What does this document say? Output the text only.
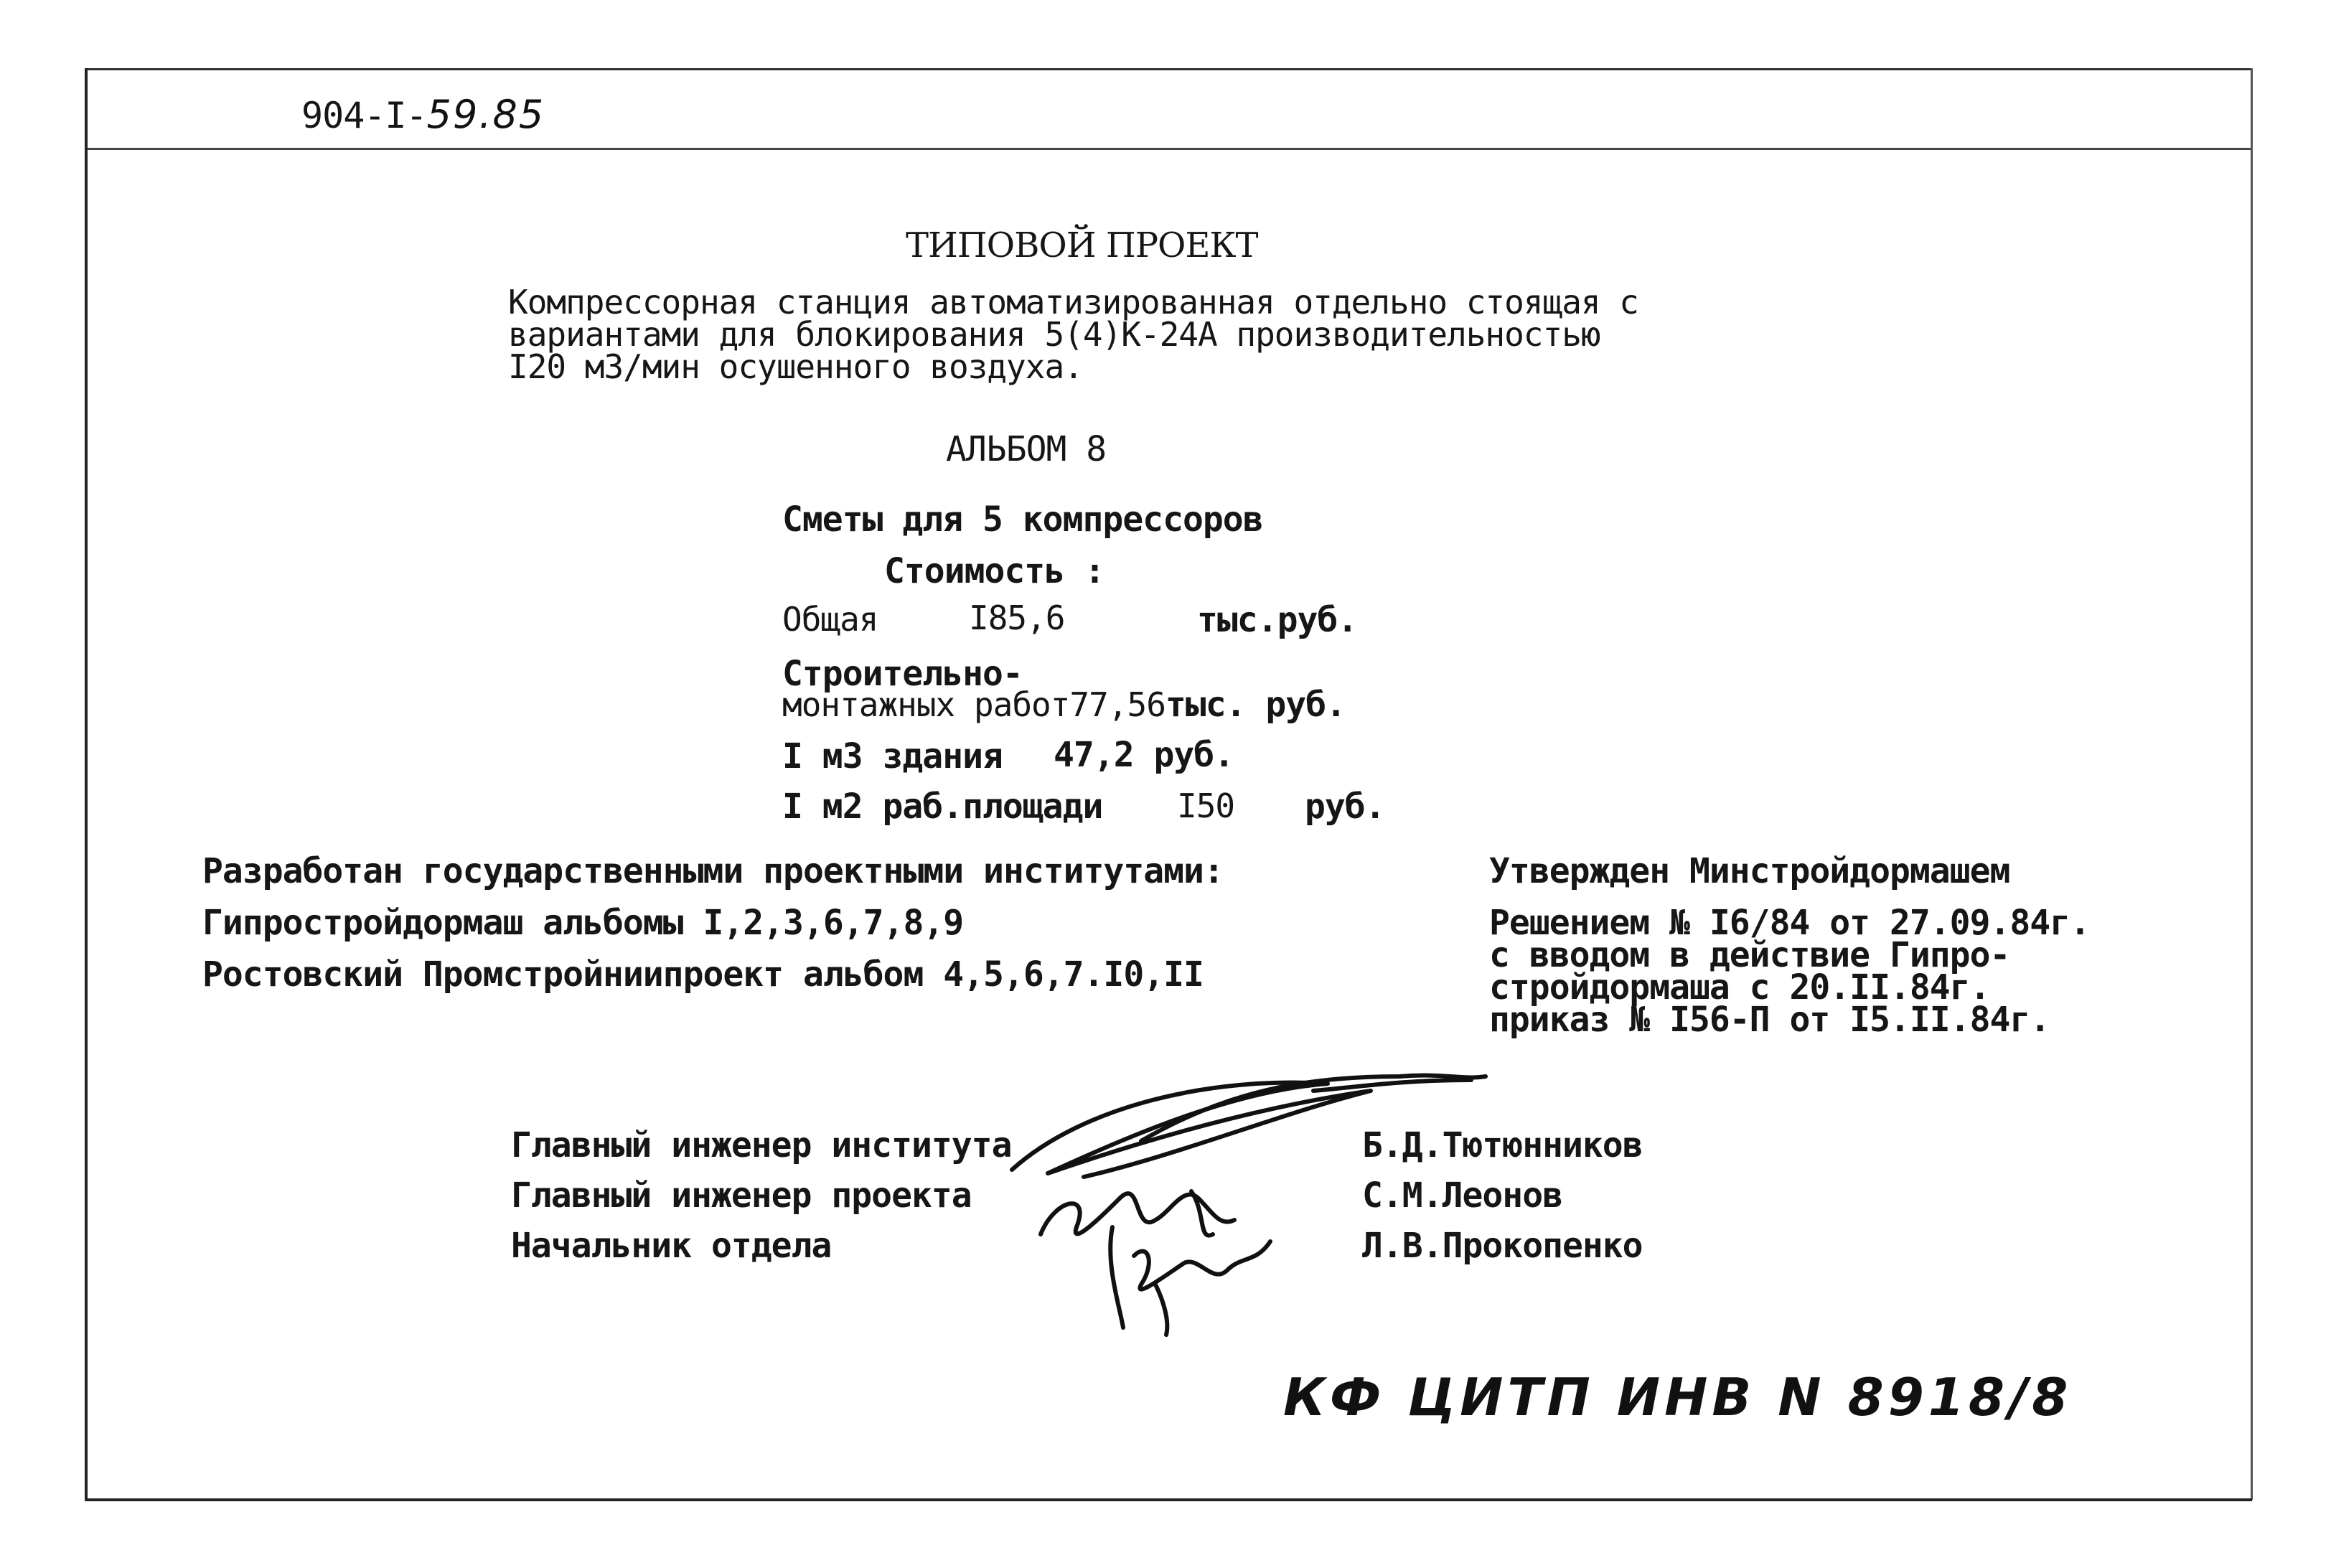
904-I-59.85
ТИПОВОЙ ПРОЕКТ
Компрессорная станция автоматизированная отдельно стоящая с
вариантами для блокирования 5(4)К-24А производительностью
I20 м3/мин осушенного воздуха.
АЛЬБОМ 8
Сметы для 5 компрессоров
Стоимость :
Общая	I85,6	тыс.руб.
Строительно-
монтажных работ77,56тыс. руб.
I м3 здания 47,2 руб.
I м2 раб.площади I50 руб.
Разработан государственными проектными институтами:
Гипростройдормаш альбомы I,2,3,6,7,8,9
Ростовский Промстройниипроект альбом 4,5,6,7.I0,II
Утвержден Минстройдормашем
Решением № I6/84 от 27.09.84г.
с вводом в действие Гипро-
стройдормаша с 20.II.84г.
приказ № I56-П от I5.II.84г.
Главный инженер института
Главный инженер проекта
Начальник отдела
Б.Д.Тютюнников
С.М.Леонов
Л.В.Прокопенко
КФ ЦИТП ИНВ N 8918/8
